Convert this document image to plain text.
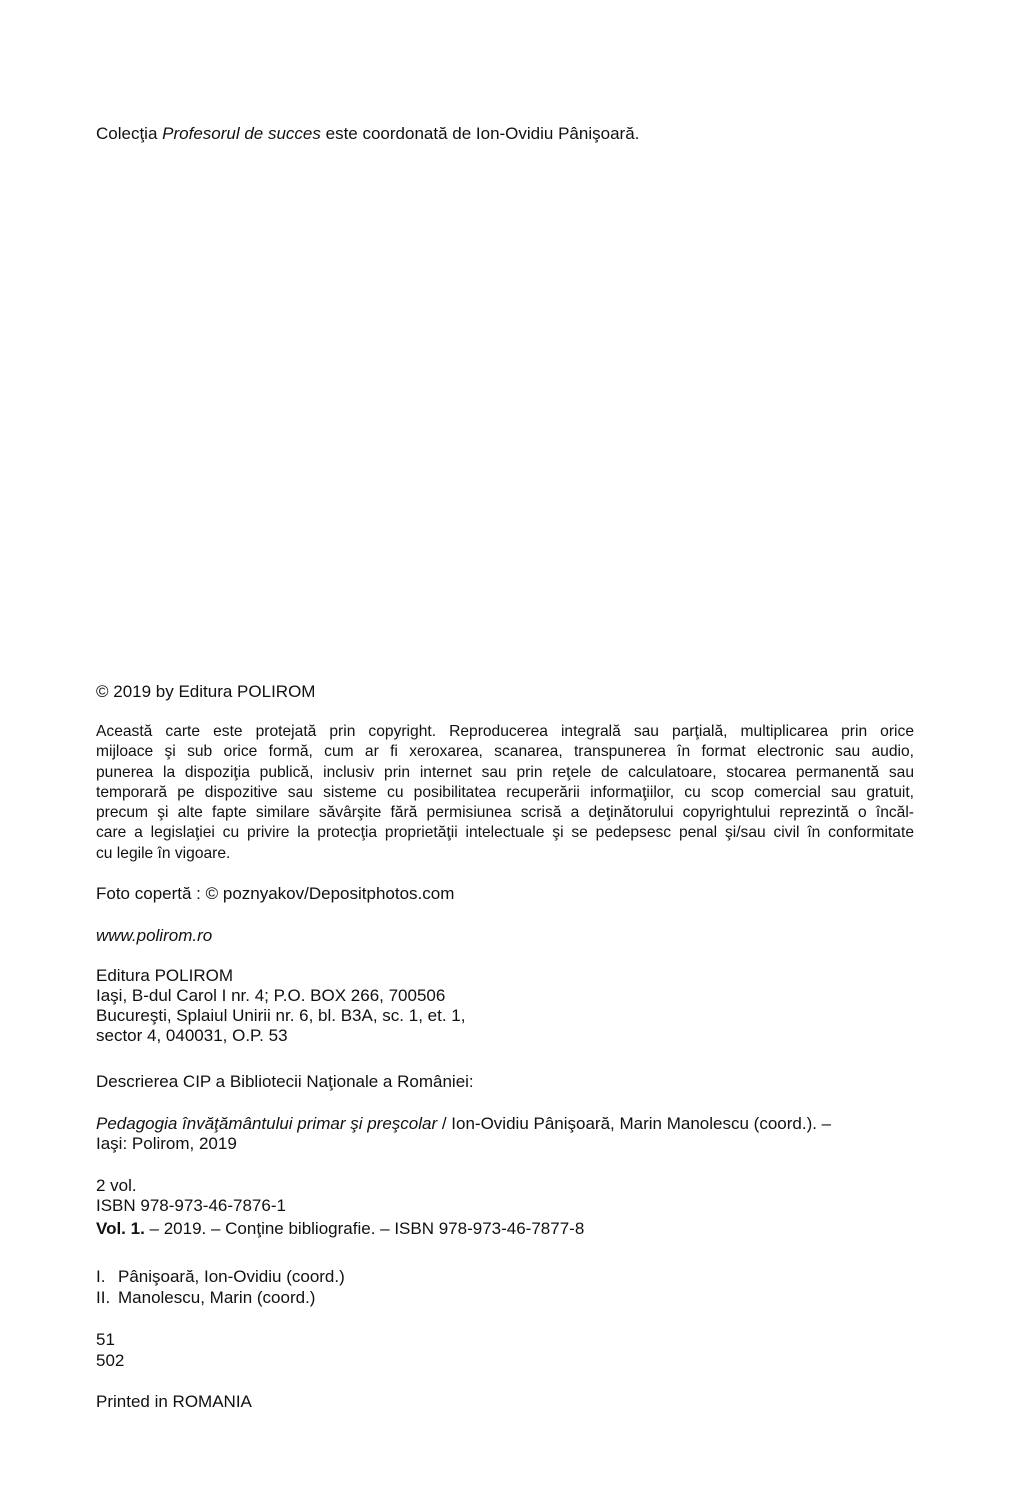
Colecţia Profesorul de succes este coordonată de Ion-Ovidiu Pânişoară.
© 2019 by Editura POLIROM
Această carte este protejată prin copyright. Reproducerea integrală sau parţială, multiplicarea prin orice
mijloace şi sub orice formă, cum ar fi xeroxarea, scanarea, transpunerea în format electronic sau audio,
punerea la dispoziţia publică, inclusiv prin internet sau prin reţele de calculatoare, stocarea permanentă sau
temporară pe dispozitive sau sisteme cu posibilitatea recuperării informaţiilor, cu scop comercial sau gratuit,
precum şi alte fapte similare săvârşite fără permisiunea scrisă a deţinătorului copyrightului reprezintă o încăl-
care a legislaţiei cu privire la protecţia proprietăţii intelectuale şi se pedepsesc penal şi/sau civil în conformitate
cu legile în vigoare.
Foto copertă : © poznyakov/Depositphotos.com
www.polirom.ro
Editura POLIROM
Iaşi, B-dul Carol I nr. 4; P.O. BOX 266, 700506
Bucureşti, Splaiul Unirii nr. 6, bl. B3A, sc. 1, et. 1,
sector 4, 040031, O.P. 53
Descrierea CIP a Bibliotecii Naţionale a României:
Pedagogia învăţământului primar şi preşcolar / Ion-Ovidiu Pânişoară, Marin Manolescu (coord.). –
Iaşi: Polirom, 2019
2 vol.
ISBN 978-973-46-7876-1
Vol. 1. – 2019. – Conţine bibliografie. – ISBN 978-973-46-7877-8
I. Pânişoară, Ion-Ovidiu (coord.)
II. Manolescu, Marin (coord.)
51
502
Printed in ROMANIA
